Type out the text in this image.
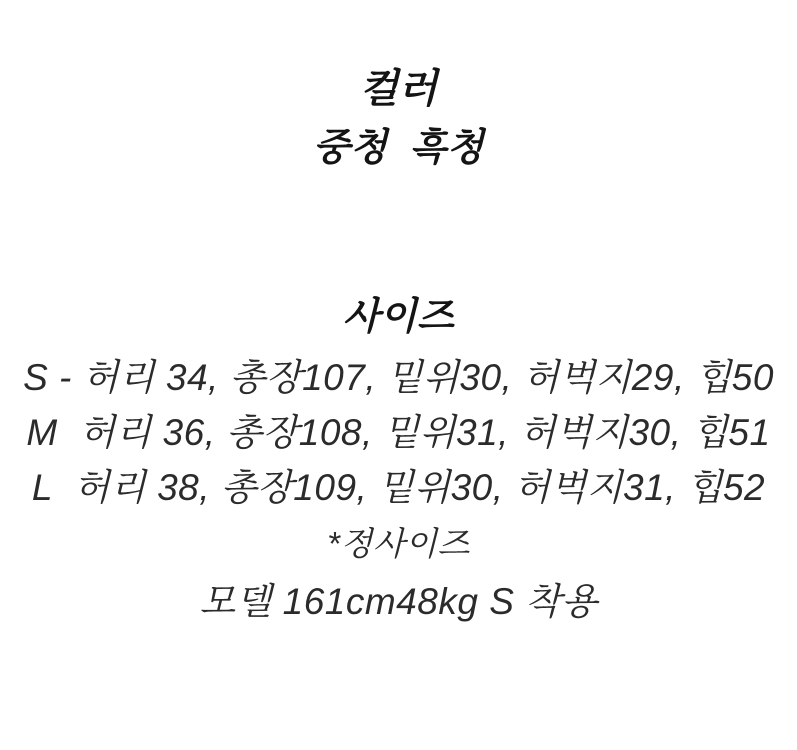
컬러
중청  흑청
사이즈
S - 허리 34, 총장107, 밑위30, 허벅지29, 힙50
M  허리 36, 총장108, 밑위31, 허벅지30, 힙51
L  허리 38, 총장109, 밑위30, 허벅지31, 힙52
*정사이즈
모델 161cm48kg S 착용
